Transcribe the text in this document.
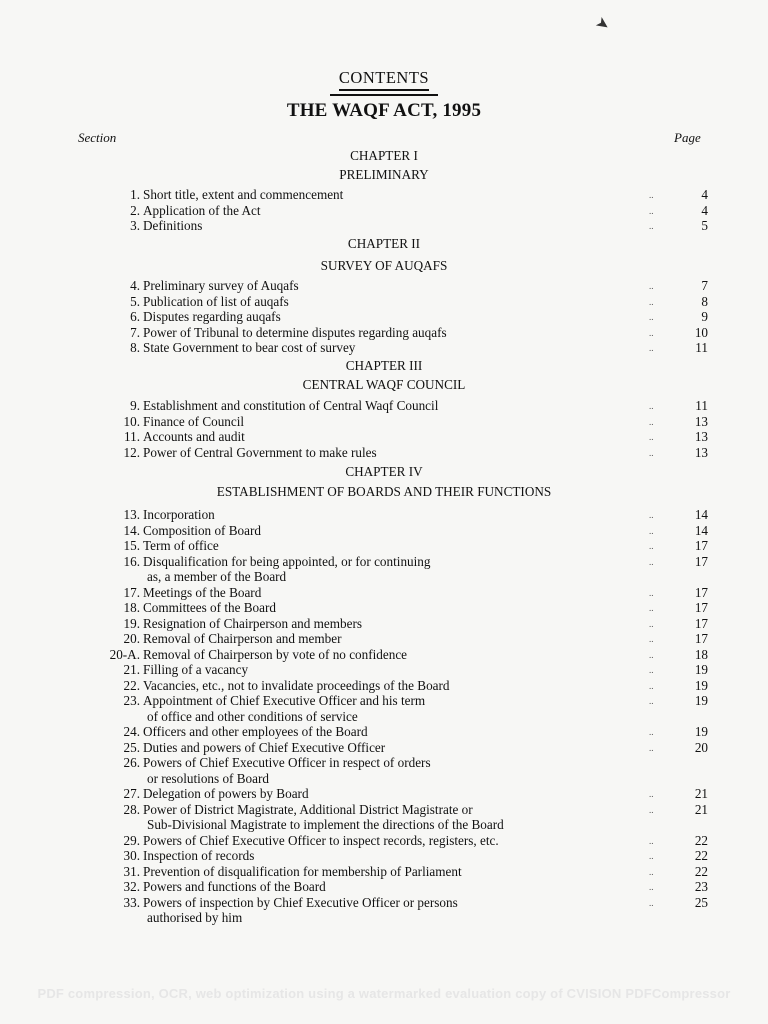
➤
CONTENTS
THE WAQF ACT, 1995
Section	Page
CHAPTER I
PRELIMINARY
1. Short title, extent and commencement	..	4
2. Application of the Act	..	4
3. Definitions	..	5
CHAPTER II
SURVEY OF AUQAFS
4. Preliminary survey of Auqafs	..	7
5. Publication of list of auqafs	..	8
6. Disputes regarding auqafs	..	9
7. Power of Tribunal to determine disputes regarding auqafs	..	10
8. State Government to bear cost of survey	..	11
CHAPTER III
CENTRAL WAQF COUNCIL
9. Establishment and constitution of Central Waqf Council	..	11
10. Finance of Council	..	13
11. Accounts and audit	..	13
12. Power of Central Government to make rules	..	13
CHAPTER IV
ESTABLISHMENT OF BOARDS AND THEIR FUNCTIONS
13. Incorporation	..	14
14. Composition of Board	..	14
15. Term of office	..	17
16. Disqualification for being appointed, or for continuing	..	17
as, a member of the Board
17. Meetings of the Board	..	17
18. Committees of the Board	..	17
19. Resignation of Chairperson and members	..	17
20. Removal of Chairperson and member	..	17
20-A. Removal of Chairperson by vote of no confidence	..	18
21. Filling of a vacancy	..	19
22. Vacancies, etc., not to invalidate proceedings of the Board	..	19
23. Appointment of Chief Executive Officer and his term	..	19
of office and other conditions of service
24. Officers and other employees of the Board	..	19
25. Duties and powers of Chief Executive Officer	..	20
26. Powers of Chief Executive Officer in respect of orders
or resolutions of Board
27. Delegation of powers by Board	..	21
28. Power of District Magistrate, Additional District Magistrate or	..	21
Sub-Divisional Magistrate to implement the directions of the Board
29. Powers of Chief Executive Officer to inspect records, registers, etc.	..	22
30. Inspection of records	..	22
31. Prevention of disqualification for membership of Parliament	..	22
32. Powers and functions of the Board	..	23
33. Powers of inspection by Chief Executive Officer or persons	..	25
authorised by him
PDF compression, OCR, web optimization using a watermarked evaluation copy of CVISION PDFCompressor
